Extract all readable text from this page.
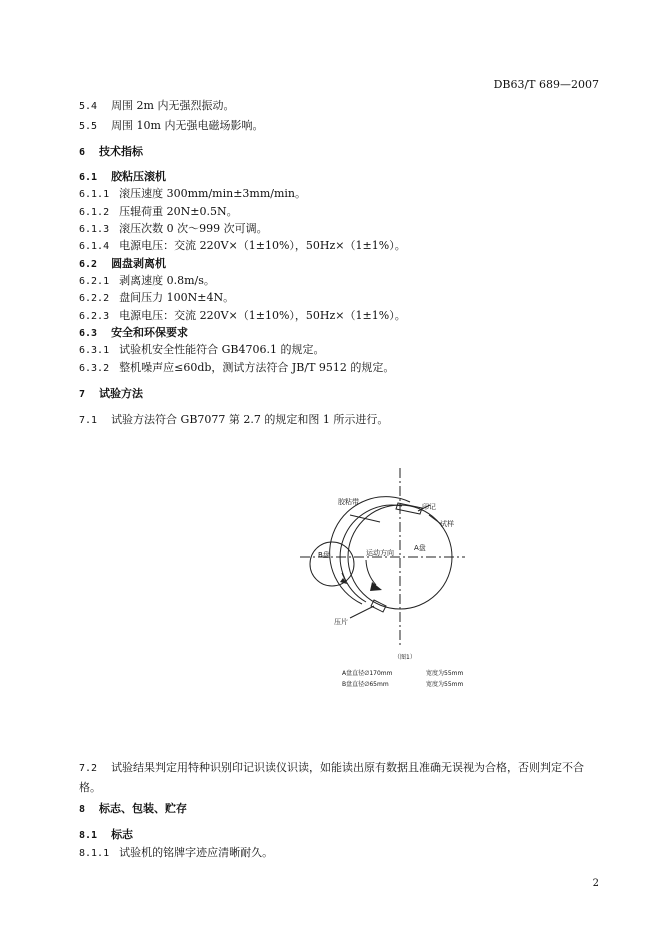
DB63/T 689—2007
5.4 周围 2m 内无强烈振动。
5.5 周围 10m 内无强电磁场影响。
6 技术指标
6.1 胶粘压滚机
6.1.1 滚压速度 300mm/min±3mm/min。
6.1.2 压辊荷重 20N±0.5N。
6.1.3 滚压次数 0 次～999 次可调。
6.1.4 电源电压：交流 220V×（1±10%），50Hz×（1±1%）。
6.2 圆盘剥离机
6.2.1 剥离速度 0.8m/s。
6.2.2 盘间压力 100N±4N。
6.2.3 电源电压：交流 220V×（1±10%），50Hz×（1±1%）。
6.3 安全和环保要求
6.3.1 试验机安全性能符合 GB4706.1 的规定。
6.3.2 整机噪声应≤60db，测试方法符合 JB/T 9512 的规定。
7 试验方法
7.1 试验方法符合 GB7077 第 2.7 的规定和图 1 所示进行。
胶粘带
印记
试样
运动方向
A盘
B盘
压片
（图1）
A盘直径∅170mm	宽度为55mm
B盘直径∅65mm	宽度为55mm
7.2 试验结果判定用特种识别印记识读仪识读，如能读出原有数据且准确无误视为合格，否则判定不合格。
8 标志、包装、贮存
8.1 标志
8.1.1 试验机的铭牌字迹应清晰耐久。
2
